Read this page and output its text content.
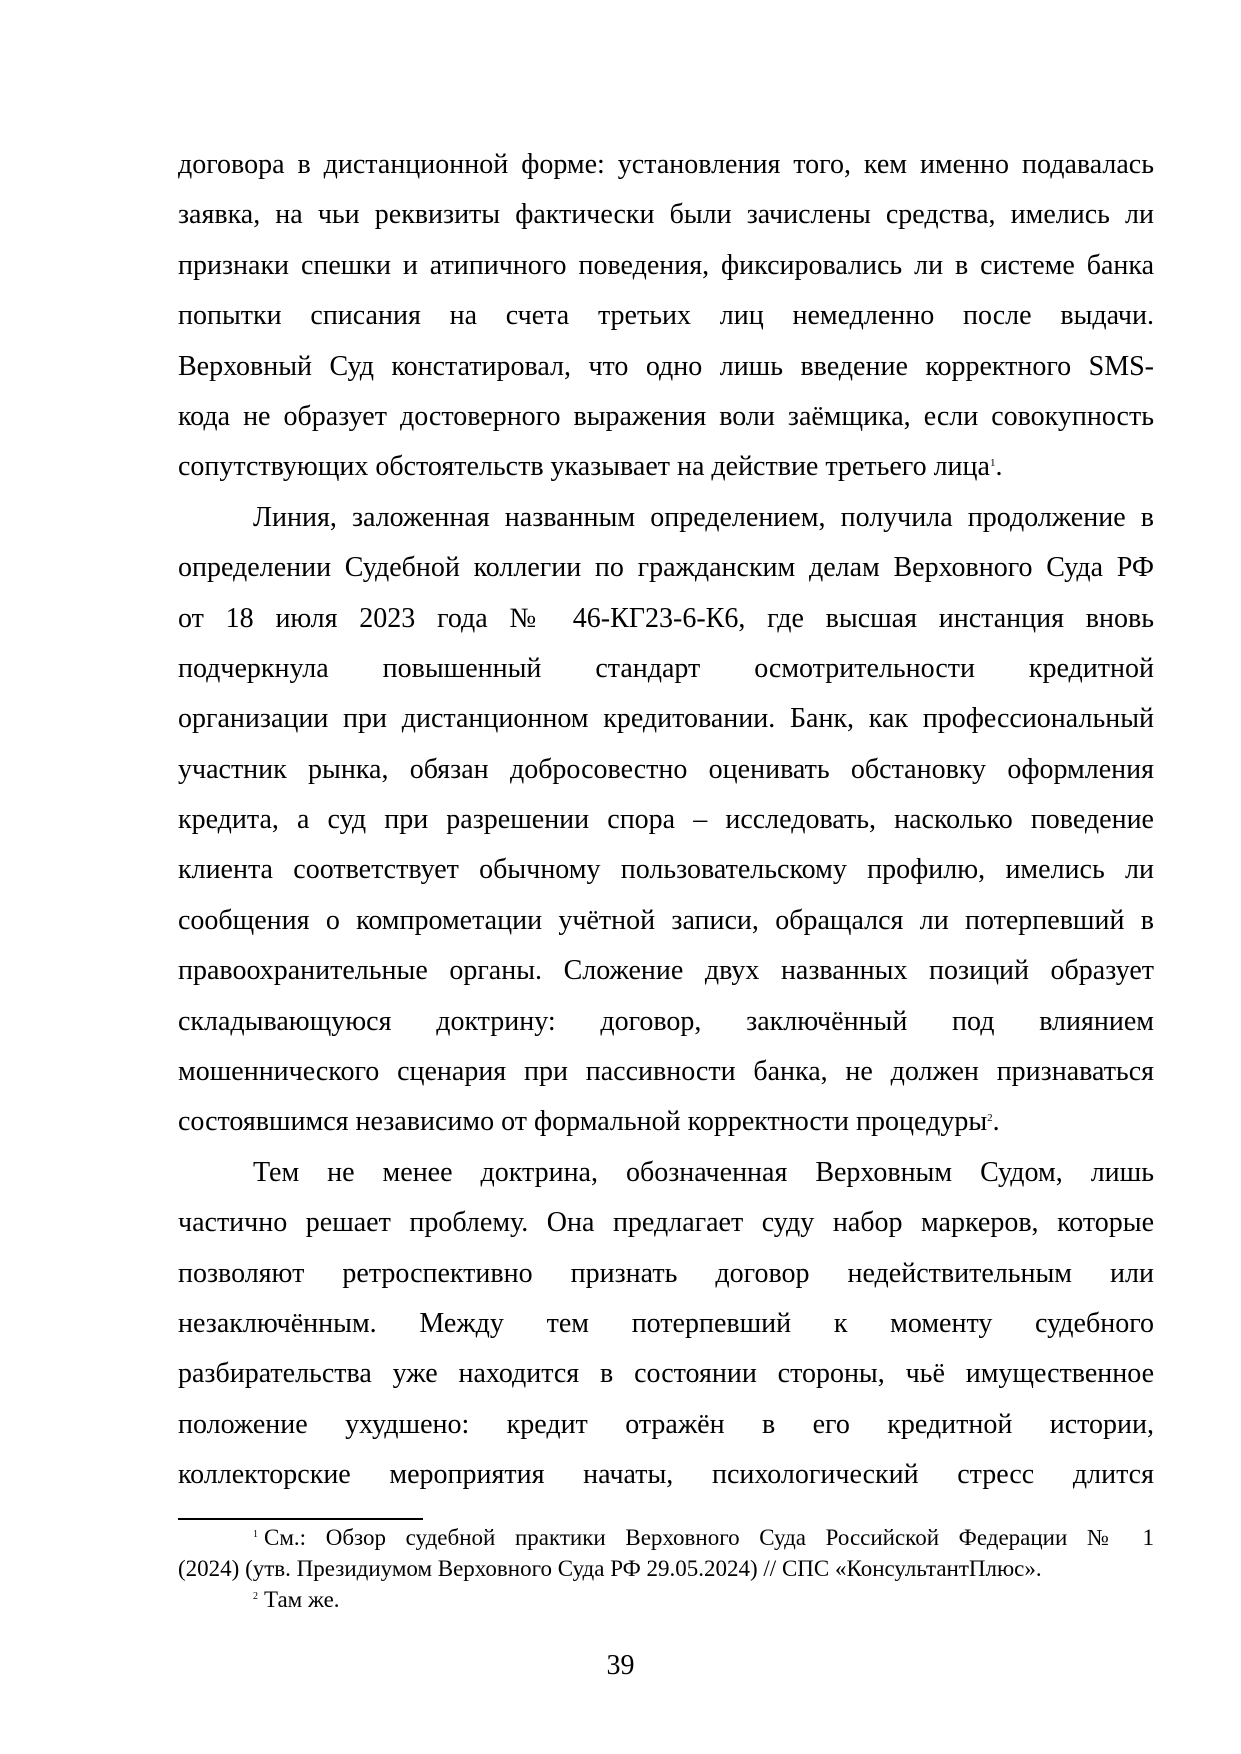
договора в дистанционной форме: установления того, кем именно подавалась
заявка, на чьи реквизиты фактически были зачислены средства, имелись ли
признаки спешки и атипичного поведения, фиксировались ли в системе банка
попытки списания на счета третьих лиц немедленно после выдачи.
Верховный Суд констатировал, что одно лишь введение корректного SMS-
кода не образует достоверного выражения воли заёмщика, если совокупность
сопутствующих обстоятельств указывает на действие третьего лица$^1$.
Линия, заложенная названным определением, получила продолжение в
определении Судебной коллегии по гражданским делам Верховного Суда РФ
от 18 июля 2023 года № 46-КГ23-6-К6, где высшая инстанция вновь
подчеркнула повышенный стандарт осмотрительности кредитной
организации при дистанционном кредитовании. Банк, как профессиональный
участник рынка, обязан добросовестно оценивать обстановку оформления
кредита, а суд при разрешении спора – исследовать, насколько поведение
клиента соответствует обычному пользовательскому профилю, имелись ли
сообщения о компрометации учётной записи, обращался ли потерпевший в
правоохранительные органы. Сложение двух названных позиций образует
складывающуюся доктрину: договор, заключённый под влиянием
мошеннического сценария при пассивности банка, не должен признаваться
состоявшимся независимо от формальной корректности процедуры$^2$.
Тем не менее доктрина, обозначенная Верховным Судом, лишь
частично решает проблему. Она предлагает суду набор маркеров, которые
позволяют ретроспективно признать договор недействительным или
незаключённым. Между тем потерпевший к моменту судебного
разбирательства уже находится в состоянии стороны, чьё имущественное
положение ухудшено: кредит отражён в его кредитной истории,
коллекторские мероприятия начаты, психологический стресс длится
$^1$ См.: Обзор судебной практики Верховного Суда Российской Федерации № 1
(2024) (утв. Президиумом Верховного Суда РФ 29.05.2024) // СПС «КонсультантПлюс».
$^2$ Там же.
39
